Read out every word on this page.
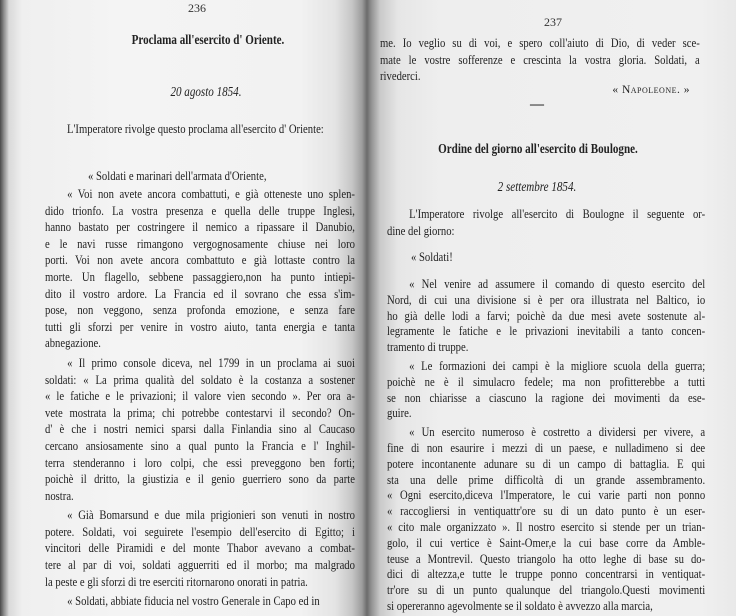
236
Proclama all'esercito d' Oriente.
20 agosto 1854.
L'Imperatore rivolge questo proclama all'esercito d' Oriente:
« Soldati e marinari dell'armata d'Oriente,
« Voi non avete ancora combattuti, e già otteneste uno splen-
dido trionfo. La vostra presenza e quella delle truppe Inglesi,
hanno bastato per costringere il nemico a ripassare il Danubio,
e le navi russe rimangono vergognosamente chiuse nei loro
porti. Voi non avete ancora combattuto e già lottaste contro la
morte. Un flagello, sebbene passaggiero,non ha punto intiepi-
dito il vostro ardore. La Francia ed il sovrano che essa s'im-
pose, non veggono, senza profonda emozione, e senza fare
tutti gli sforzi per venire in vostro aiuto, tanta energia e tanta
abnegazione.
« Il primo console diceva, nel 1799 in un proclama ai suoi
soldati: « La prima qualità del soldato è la costanza a sostener
« le fatiche e le privazioni; il valore vien secondo ». Per ora a-
vete mostrata la prima; chi potrebbe contestarvi il secondo? On-
d' è che i nostri nemici sparsi dalla Finlandia sino al Caucaso
cercano ansiosamente sino a qual punto la Francia e l' Inghil-
terra stenderanno i loro colpi, che essi preveggono ben forti;
poichè il dritto, la giustizia e il genio guerriero sono da parte
nostra.
« Già Bomarsund e due mila prigionieri son venuti in nostro
potere. Soldati, voi seguirete l'esempio dell'esercito di Egitto; i
vincitori delle Piramidi e del monte Thabor avevano a combat-
tere al par di voi, soldati agguerriti ed il morbo; ma malgrado
la peste e gli sforzi di tre eserciti ritornarono onorati in patria.
« Soldati, abbiate fiducia nel vostro Generale in Capo ed in
237
me. Io veglio su di voi, e spero coll'aiuto di Dio, di veder sce-
mate le vostre sofferenze e crescinta la vostra gloria. Soldati, a
rivederci.
« Napoleone. »
—
Ordine del giorno all'esercito di Boulogne.
2 settembre 1854.
L'Imperatore rivolge all'esercito di Boulogne il seguente or-
dine del giorno:
« Soldati!
« Nel venire ad assumere il comando di questo esercito del
Nord, di cui una divisione si è per ora illustrata nel Baltico, io
ho già delle lodi a farvi; poichè da due mesi avete sostenute al-
legramente le fatiche e le privazioni inevitabili a tanto concen-
tramento di truppe.
« Le formazioni dei campi è la migliore scuola della guerra;
poichè ne è il simulacro fedele; ma non profitterebbe a tutti
se non chiarisse a ciascuno la ragione dei movimenti da ese-
guire.
« Un esercito numeroso è costretto a dividersi per vivere, a
fine di non esaurire i mezzi di un paese, e nulladimeno si dee
potere incontanente adunare su di un campo di battaglia. E qui
sta una delle prime difficoltà di un grande assembramento.
« Ogni esercito,diceva l'Imperatore, le cui varie parti non ponno
« raccogliersi in ventiquattr'ore su di un dato punto è un eser-
« cito male organizzato ». Il nostro esercito si stende per un trian-
golo, il cui vertice è Saint-Omer,e la cui base corre da Amble-
teuse a Montrevil. Questo triangolo ha otto leghe di base su do-
dici di altezza,e tutte le truppe ponno concentrarsi in ventiquat-
tr'ore su di un punto qualunque del triangolo.Questi movimenti
si opereranno agevolmente se il soldato è avvezzo alla marcia,
